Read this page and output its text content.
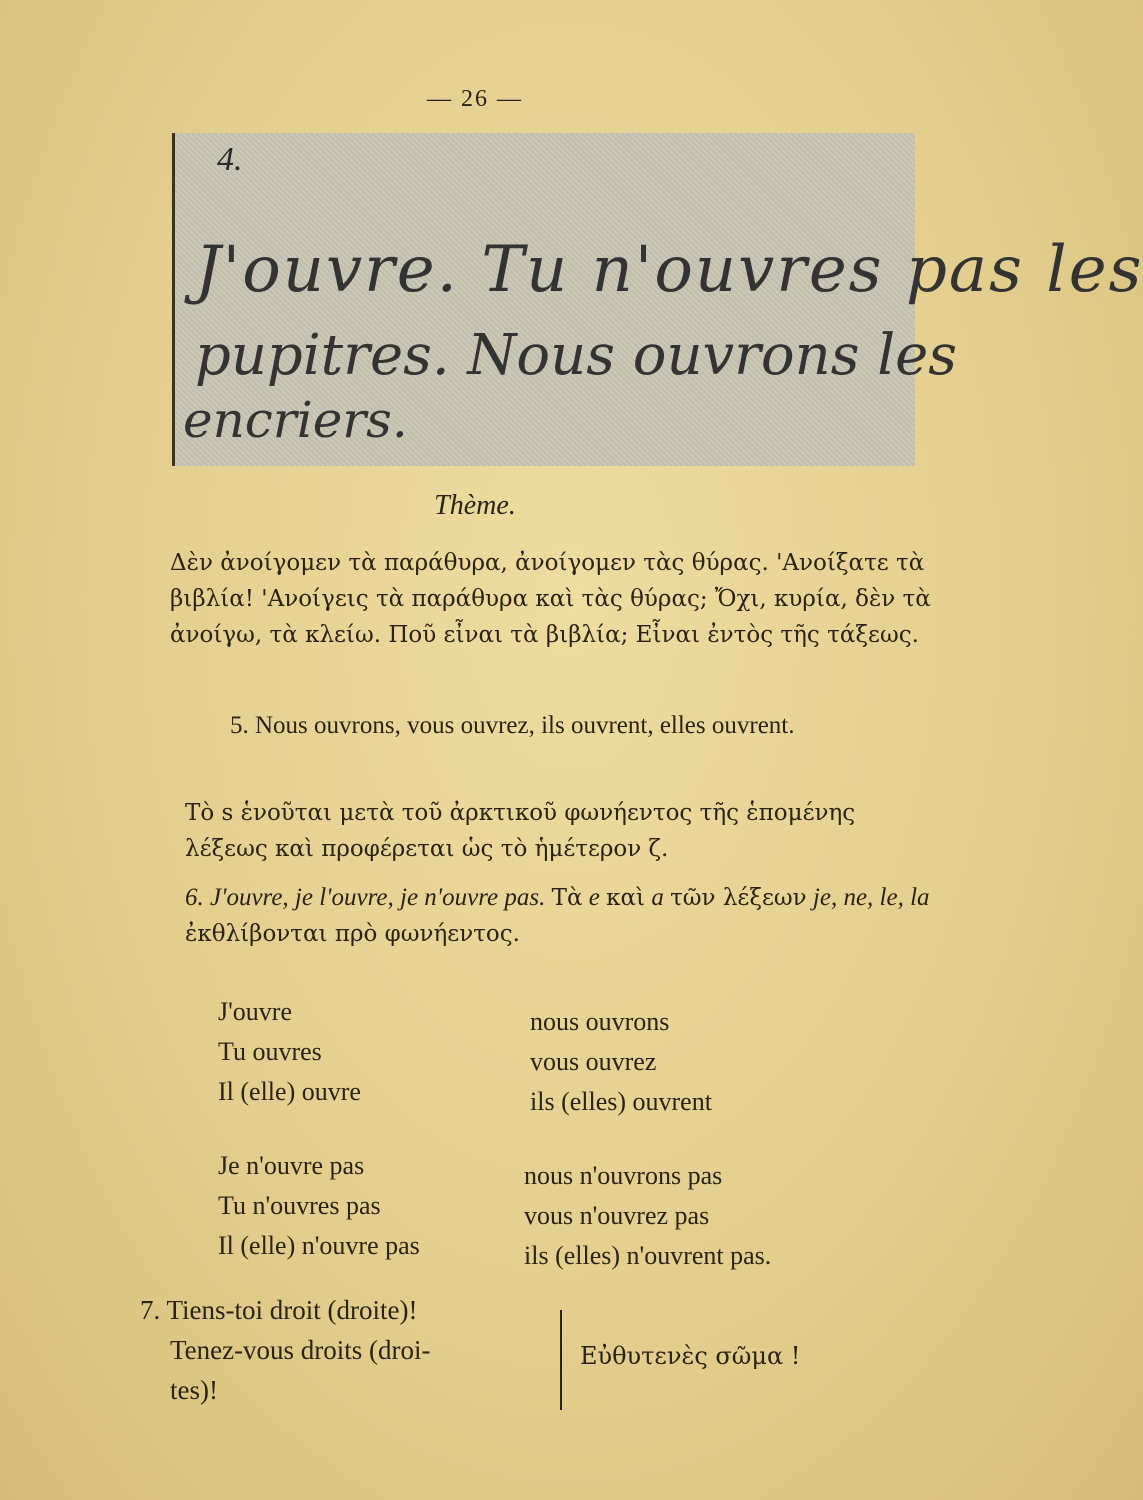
— 26 —
4.
J'ouvre. Tu n'ouvres pas les
pupitres. Nous ouvrons les
encriers.
Thème.
Δὲν ἀνοίγομεν τὰ παράθυρα, ἀνοίγομεν τὰς θύρας. 'Ανοίξατε τὰ βιβλία! 'Ανοίγεις τὰ παράθυρα καὶ τὰς θύρας; Ὄχι, κυρία, δὲν τὰ ἀνοίγω, τὰ κλείω. Ποῦ εἶναι τὰ βιβλία; Εἶναι ἐντὸς τῆς τάξεως.
5. Nous ouvrons, vous ouvrez, ils ouvrent, elles ouvrent.
Τὸ s ἑνοῦται μετὰ τοῦ ἀρκτικοῦ φωνήεντος τῆς ἑπομένης λέξεως καὶ προφέρεται ὡς τὸ ἡμέτερον ζ.
6. J'ouvre, je l'ouvre, je n'ouvre pas. Τὰ e καὶ a τῶν λέξεων je, ne, le, la ἐκθλίβονται πρὸ φωνήεντος.
J'ouvre
Tu ouvres
Il (elle) ouvre
nous ouvrons
vous ouvrez
ils (elles) ouvrent
Je n'ouvre pas
Tu n'ouvres pas
Il (elle) n'ouvre pas
nous n'ouvrons pas
vous n'ouvrez pas
ils (elles) n'ouvrent pas.
7. Tiens-toi droit (droite)!
Tenez-vous droits (droi-
tes)!
Εὐθυτενὲς σῶμα !
